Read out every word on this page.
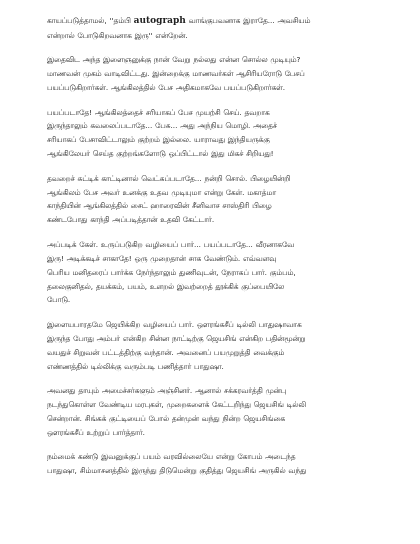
காயப்படுத்தாமல், ''தம்பி autograph வாங்குபவனாக இராதே... அவசியம்
என்றால் போடுகிறவனாக இரு'' என்றேன்.

இதைவிட அந்த இளைஞனுக்கு நான் வேறு நல்லது என்ன சொல்ல முடியும்?
மாணவன் முகம் வாடிவிட்டது. இன்றைக்கு மாணவர்கள் ஆசிரியரோடு பேசப்
பயப்படுகிறார்கள். ஆங்கிலத்தில் பேச அதிகமாகவே பயப்படுகிறார்கள்.

பயப்படாதே! ஆங்கிலத்தைச் சரியாகப் பேச முயற்சி செய். தவறாக
இருந்தாலும் கவலைப்படாதே... பேசு... அது அந்நிய மொழி. அதைச்
சரியாகப் பேசாவிட்டாலும் குற்றம் இல்லை. யாராவது இந்தியருக்கு
ஆங்கிலேயர் செய்த குற்றங்களோடு ஒப்பிட்டால் இது மிகச் சிறியது!

தவறைச் சுட்டிக் காட்டினால் வெட்கப்படாதே... நன்றி சொல். பிழையின்றி
ஆங்கிலம் பேச அவர் உனக்கு உதவ முடியுமா என்று கேள். மகாத்மா
காந்தியின் ஆங்கிலத்தில் சைட் ஹாரைவின் சீனிவாச சாஸ்திரி பிழை
கண்டபோது காந்தி அப்படித்தான் உதவி கேட்டார்.

அப்படிக் கேள். உருப்படுகிற வழியைப் பார்... பயப்படாதே... வீரனாகவே
இரு! அடிக்கடிச் சாகாதே! ஒரு முறைதான் சாக வேண்டும். எவ்வளவு
பெரிய மனிதரைப் பார்க்க நேர்ந்தாலும் துணிவுடன், நேராகப் பார். கும்பம்,
தலைகுனிதல், தயக்கம், பயம், உளறல் இவற்றைத் தூக்கிக் குப்பையிலே
போடு.

இளையபாரதமே ஜெயிக்கிற வழியைப் பார். ஔரங்கசீப் டில்லி பாதுஷாவாக
இருந்த போது அம்பர் என்கிற சின்ன நாட்டிற்கு ஜெயசிங் என்கிற பதின்மூன்று
வயதுச் சிறுவன் பட்டத்திற்கு வந்தான். அவனைப் பயமுறுத்தி வைக்கும்
எண்ணத்தில் டில்லிக்கு வரும்படி பணித்தார் பாதுஷா.

அவனது தாயும் அமைச்சர்களும் அஞ்சினர். ஆனால் சக்கரவர்த்தி முன்பு
நடந்துகொள்ள வேண்டிய மரபுகள், முறைகளைக் கேட்டறிந்து ஜெயசிங் டில்லி
சென்றான். சிங்கக் குட்டியைப் போல் தன்முன் வந்து நின்ற ஜெயசிங்கை
ஔரங்கசீப் உற்றுப் பார்த்தார்.

நம்மைக் கண்டு இவனுக்குப் பயம் வரவில்லையே என்று கோபம் அடைந்த
பாதுஷா, சிம்மாசனத்தில் இருந்து திடுமென்று குதித்து ஜெயசிங் அருகில் வந்து
